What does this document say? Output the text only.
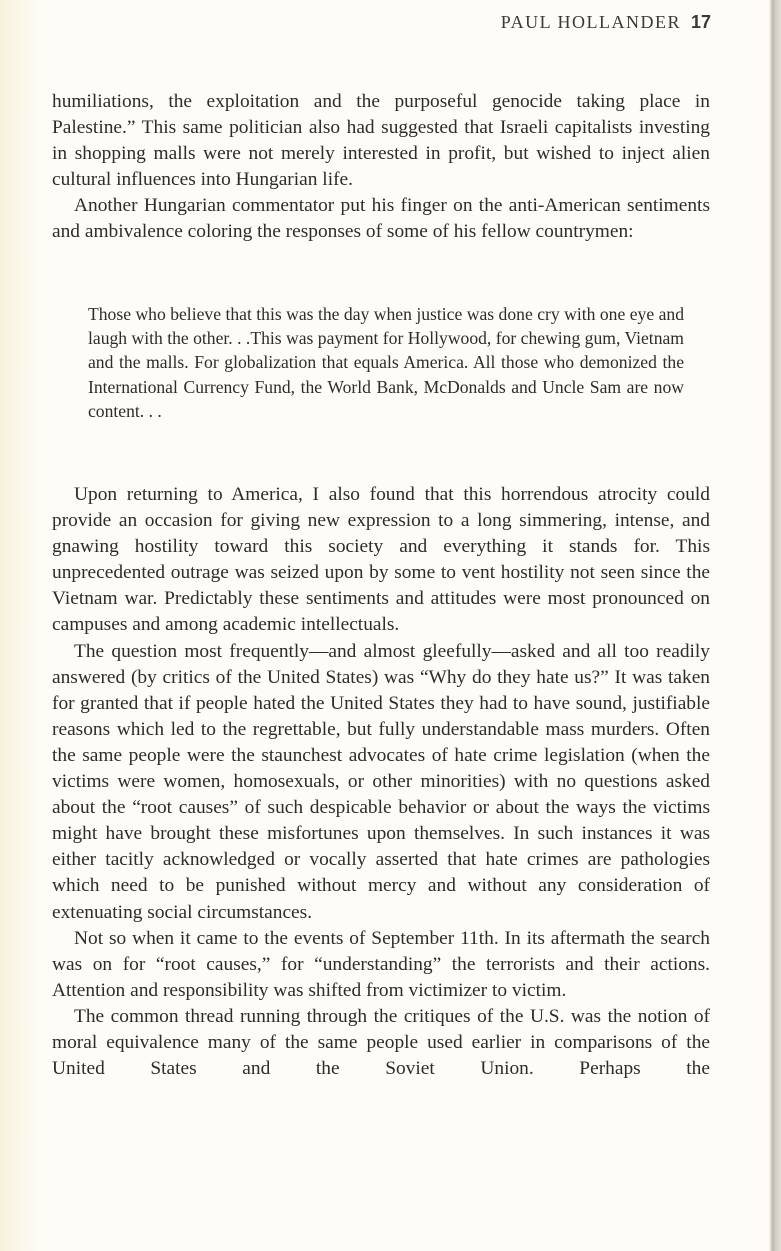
PAUL HOLLANDER 17

humiliations, the exploitation and the purposeful genocide taking place in Palestine.” This same politician also had suggested that Israeli capitalists investing in shopping malls were not merely interested in profit, but wished to inject alien cultural influences into Hungarian life.

Another Hungarian commentator put his finger on the anti-American sentiments and ambivalence coloring the responses of some of his fellow countrymen:

Those who believe that this was the day when justice was done cry with one eye and laugh with the other. . .This was payment for Hollywood, for chewing gum, Vietnam and the malls. For globalization that equals America. All those who demonized the International Currency Fund, the World Bank, McDonalds and Uncle Sam are now content. . .

Upon returning to America, I also found that this horrendous atrocity could provide an occasion for giving new expression to a long simmering, intense, and gnawing hostility toward this society and everything it stands for. This unprecedented outrage was seized upon by some to vent hostility not seen since the Vietnam war. Predictably these sentiments and attitudes were most pronounced on campuses and among academic intellectuals.

The question most frequently—and almost gleefully—asked and all too readily answered (by critics of the United States) was “Why do they hate us?” It was taken for granted that if people hated the United States they had to have sound, justifiable reasons which led to the regrettable, but fully understandable mass murders. Often the same people were the staunchest advocates of hate crime legislation (when the victims were women, homosexuals, or other minorities) with no questions asked about the “root causes” of such despicable behavior or about the ways the victims might have brought these misfortunes upon themselves. In such instances it was either tacitly acknowledged or vocally asserted that hate crimes are pathologies which need to be punished without mercy and without any consideration of extenuating social circumstances.

Not so when it came to the events of September 11th. In its aftermath the search was on for “root causes,” for “understanding” the terrorists and their actions. Attention and responsibility was shifted from victimizer to victim.

The common thread running through the critiques of the U.S. was the notion of moral equivalence many of the same people used earlier in comparisons of the United States and the Soviet Union. Perhaps the
